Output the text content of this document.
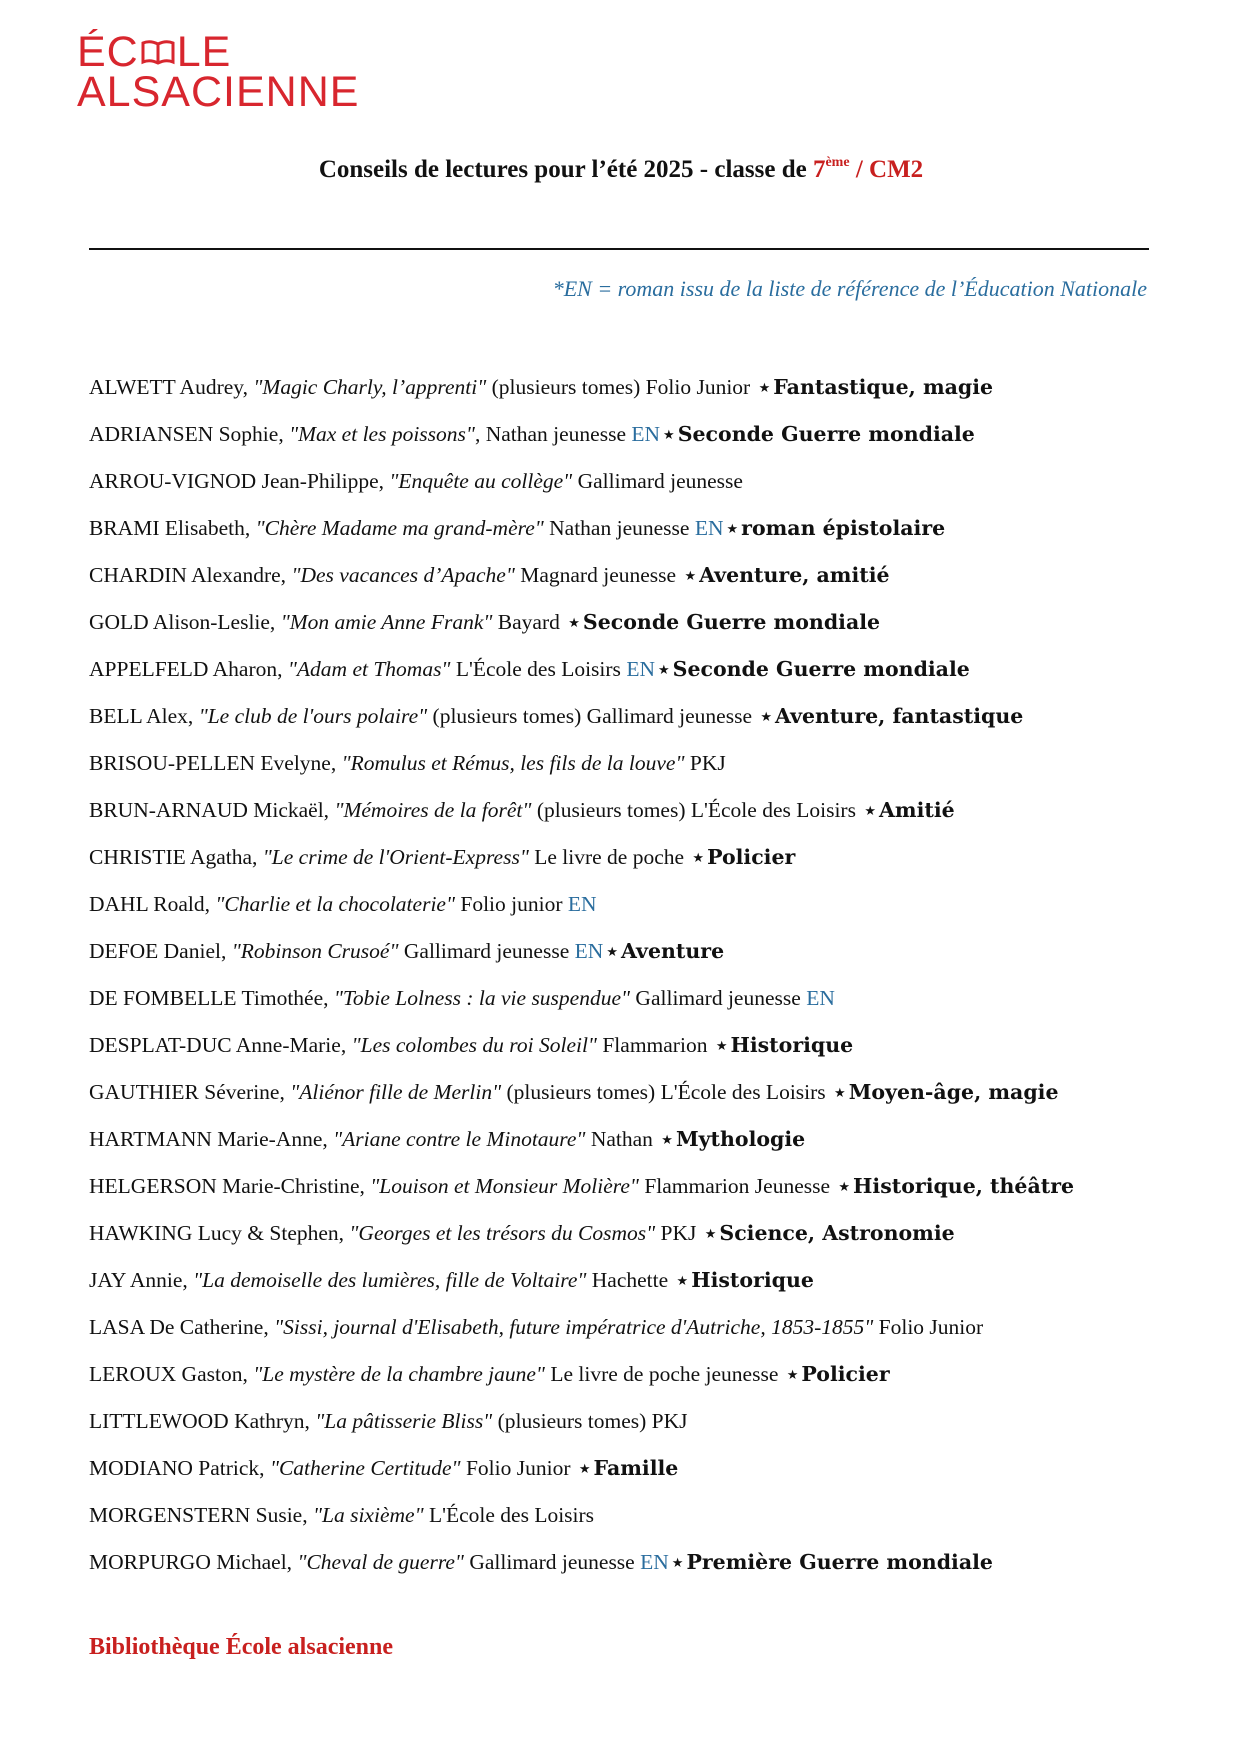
ÉC LE
ALSACIENNE
Conseils de lectures pour l’été 2025 - classe de 7ème / CM2
*EN = roman issu de la liste de référence de l’Éducation Nationale
ALWETT Audrey, "Magic Charly, l’apprenti" (plusieurs tomes) Folio Junior ★ Fantastique, magie
ADRIANSEN Sophie, "Max et les poissons", Nathan jeunesse EN ★ Seconde Guerre mondiale
ARROU-VIGNOD Jean-Philippe, "Enquête au collège" Gallimard jeunesse
BRAMI Elisabeth, "Chère Madame ma grand-mère" Nathan jeunesse EN ★ roman épistolaire
CHARDIN Alexandre, "Des vacances d’Apache" Magnard jeunesse ★ Aventure, amitié
GOLD Alison-Leslie, "Mon amie Anne Frank" Bayard ★ Seconde Guerre mondiale
APPELFELD Aharon, "Adam et Thomas" L'École des Loisirs EN ★ Seconde Guerre mondiale
BELL Alex, "Le club de l'ours polaire" (plusieurs tomes) Gallimard jeunesse ★ Aventure, fantastique
BRISOU-PELLEN Evelyne, "Romulus et Rémus, les fils de la louve" PKJ
BRUN-ARNAUD Mickaël, "Mémoires de la forêt" (plusieurs tomes) L'École des Loisirs ★ Amitié
CHRISTIE Agatha, "Le crime de l'Orient-Express" Le livre de poche ★ Policier
DAHL Roald, "Charlie et la chocolaterie" Folio junior EN
DEFOE Daniel, "Robinson Crusoé" Gallimard jeunesse EN ★ Aventure
DE FOMBELLE Timothée, "Tobie Lolness : la vie suspendue" Gallimard jeunesse EN
DESPLAT-DUC Anne-Marie, "Les colombes du roi Soleil" Flammarion ★ Historique
GAUTHIER Séverine, "Aliénor fille de Merlin" (plusieurs tomes) L'École des Loisirs ★ Moyen-âge, magie
HARTMANN Marie-Anne, "Ariane contre le Minotaure" Nathan ★ Mythologie
HELGERSON Marie-Christine, "Louison et Monsieur Molière" Flammarion Jeunesse ★ Historique, théâtre
HAWKING Lucy & Stephen, "Georges et les trésors du Cosmos" PKJ ★ Science, Astronomie
JAY Annie, "La demoiselle des lumières, fille de Voltaire" Hachette ★ Historique
LASA De Catherine, "Sissi, journal d'Elisabeth, future impératrice d'Autriche, 1853-1855" Folio Junior
LEROUX Gaston, "Le mystère de la chambre jaune" Le livre de poche jeunesse ★ Policier
LITTLEWOOD Kathryn, "La pâtisserie Bliss" (plusieurs tomes) PKJ
MODIANO Patrick, "Catherine Certitude" Folio Junior ★ Famille
MORGENSTERN Susie, "La sixième" L'École des Loisirs
MORPURGO Michael, "Cheval de guerre" Gallimard jeunesse EN ★ Première Guerre mondiale
Bibliothèque École alsacienne
